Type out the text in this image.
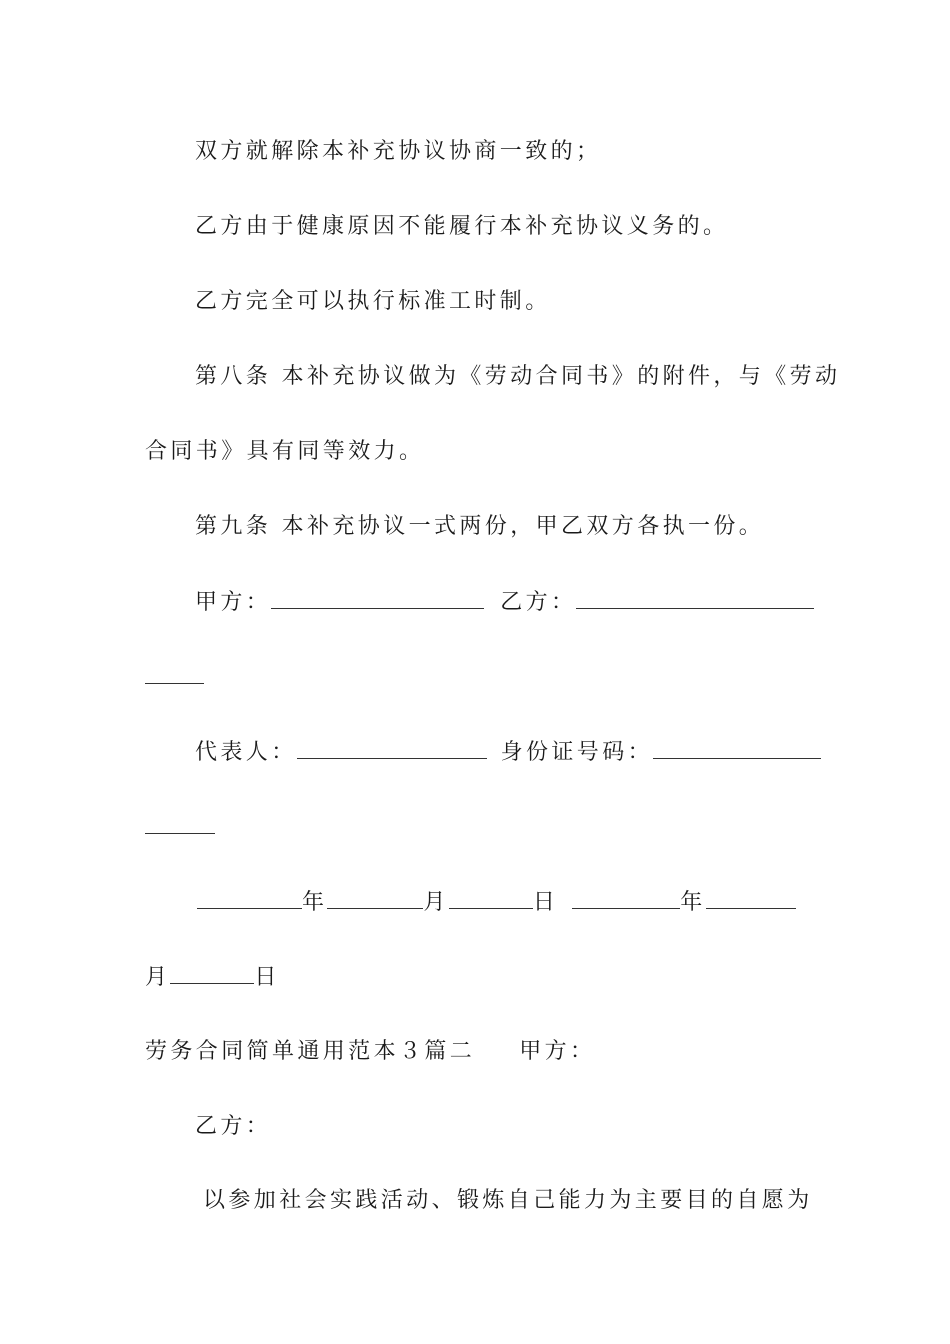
双方就解除本补充协议协商一致的；
乙方由于健康原因不能履行本补充协议义务的。
乙方完全可以执行标准工时制。
第八条 本补充协议做为《劳动合同书》的附件，与《劳动
合同书》具有同等效力。
第九条 本补充协议一式两份，甲乙双方各执一份。
甲方：	乙方：
代表人：	身份证号码：
年	月	日	年
月	日
劳务合同简单通用范本３篇二 甲方：
乙方：
以参加社会实践活动、锻炼自己能力为主要目的自愿为
